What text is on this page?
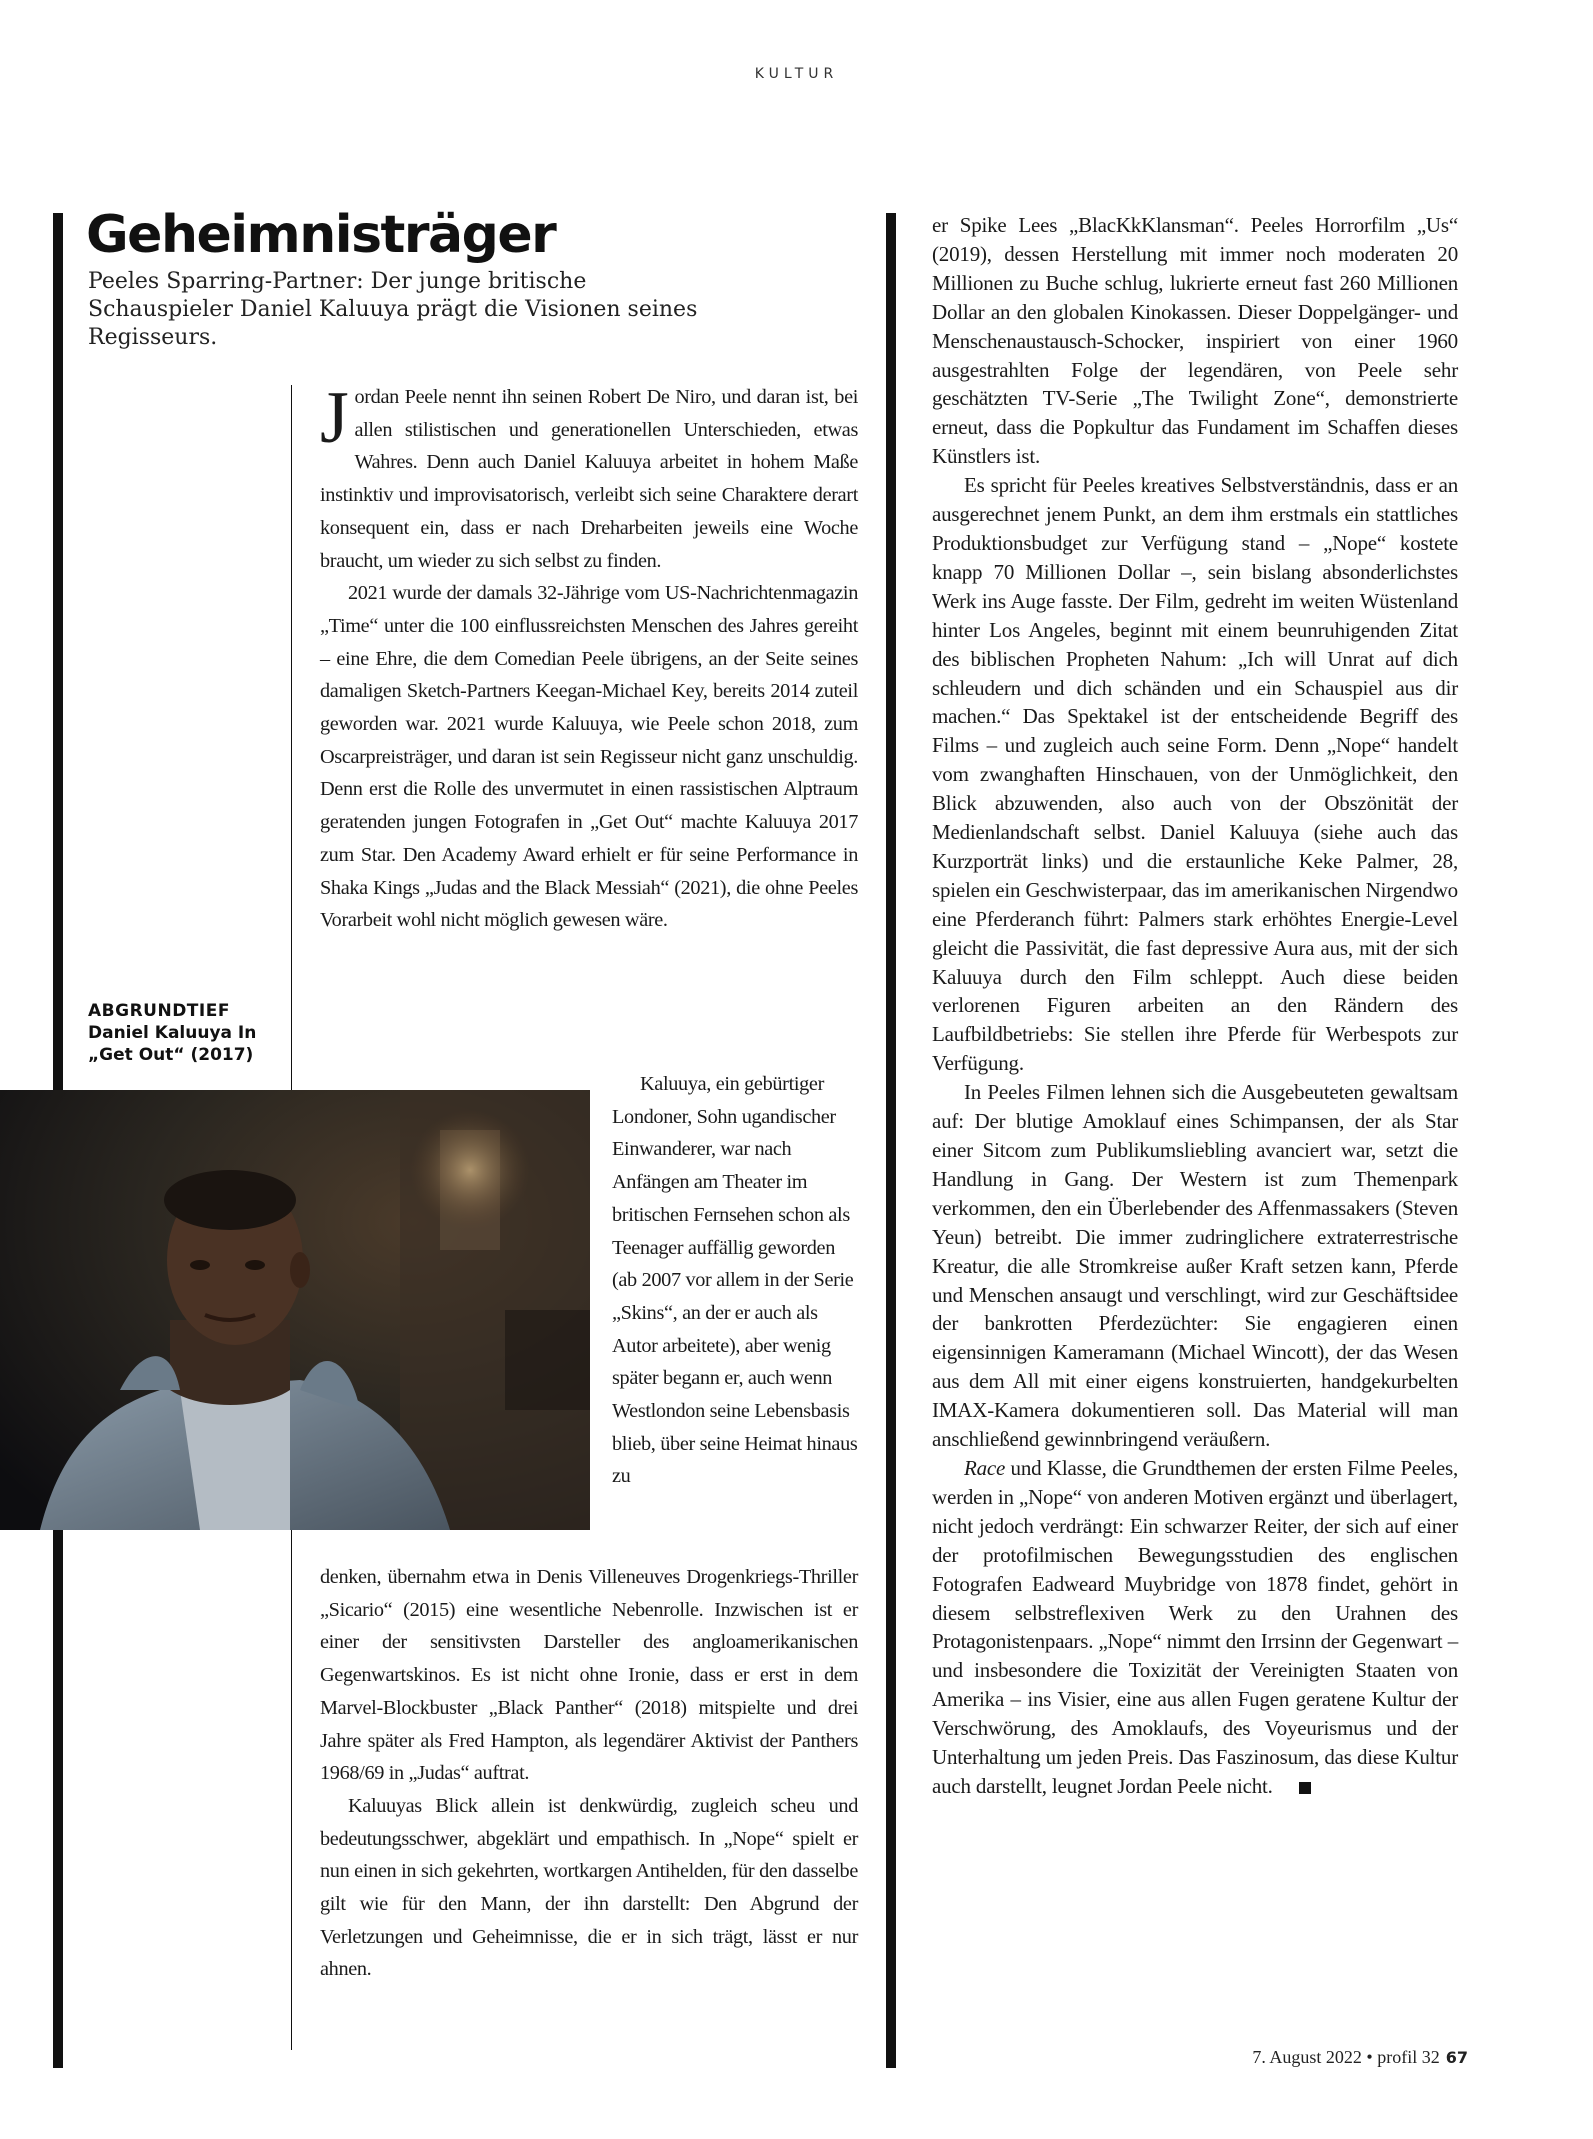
KULTUR
Geheimnisträger
Peeles Sparring-Partner: Der junge britische Schauspieler Daniel Kaluuya prägt die Visionen seines Regisseurs.

Jordan Peele nennt ihn seinen Robert De Niro, und daran ist, bei allen stilistischen und generationellen Unterschieden, etwas Wahres. Denn auch Daniel Kaluuya arbeitet in hohem Maße instinktiv und improvisatorisch, verleibt sich seine Charaktere derart konsequent ein, dass er nach Dreharbeiten jeweils eine Woche braucht, um wieder zu sich selbst zu finden.

2021 wurde der damals 32-Jährige vom US-Nachrichtenmagazin „Time“ unter die 100 einflussreichsten Menschen des Jahres gereiht – eine Ehre, die dem Comedian Peele übrigens, an der Seite seines damaligen Sketch-Partners Keegan-Michael Key, bereits 2014 zuteil geworden war. 2021 wurde Kaluuya, wie Peele schon 2018, zum Oscarpreisträger, und daran ist sein Regisseur nicht ganz unschuldig. Denn erst die Rolle des unvermutet in einen rassistischen Alptraum geratenden jungen Fotografen in „Get Out“ machte Kaluuya 2017 zum Star. Den Academy Award erhielt er für seine Performance in Shaka Kings „Judas and the Black Messiah“ (2021), die ohne Peeles Vorarbeit wohl nicht möglich gewesen wäre.

ABGRUNDTIEF
Daniel Kaluuya In „Get Out“ (2017)

Kaluuya, ein gebürtiger Londoner, Sohn ugandischer Einwanderer, war nach Anfängen am Theater im britischen Fernsehen schon als Teenager auffällig geworden (ab 2007 vor allem in der Serie „Skins“, an der er auch als Autor arbeitete), aber wenig später begann er, auch wenn Westlondon seine Lebensbasis blieb, über seine Heimat hinaus zu

denken, übernahm etwa in Denis Villeneuves Drogenkriegs-Thriller „Sicario“ (2015) eine wesentliche Nebenrolle. Inzwischen ist er einer der sensitivsten Darsteller des angloamerikanischen Gegenwartskinos. Es ist nicht ohne Ironie, dass er erst in dem Marvel-Blockbuster „Black Panther“ (2018) mitspielte und drei Jahre später als Fred Hampton, als legendärer Aktivist der Panthers 1968/69 in „Judas“ auftrat.

Kaluuyas Blick allein ist denkwürdig, zugleich scheu und bedeutungsschwer, abgeklärt und empathisch. In „Nope“ spielt er nun einen in sich gekehrten, wortkargen Antihelden, für den dasselbe gilt wie für den Mann, der ihn darstellt: Den Abgrund der Verletzungen und Geheimnisse, die er in sich trägt, lässt er nur ahnen.

er Spike Lees „BlacKkKlansman“. Peeles Horrorfilm „Us“ (2019), dessen Herstellung mit immer noch moderaten 20 Millionen zu Buche schlug, lukrierte erneut fast 260 Millionen Dollar an den globalen Kinokassen. Dieser Doppelgänger- und Menschenaustausch-Schocker, inspiriert von einer 1960 ausgestrahlten Folge der legendären, von Peele sehr geschätzten TV-Serie „The Twilight Zone“, demonstrierte erneut, dass die Popkultur das Fundament im Schaffen dieses Künstlers ist.

Es spricht für Peeles kreatives Selbstverständnis, dass er an ausgerechnet jenem Punkt, an dem ihm erstmals ein stattliches Produktionsbudget zur Verfügung stand – „Nope“ kostete knapp 70 Millionen Dollar –, sein bislang absonderlichstes Werk ins Auge fasste. Der Film, gedreht im weiten Wüstenland hinter Los Angeles, beginnt mit einem beunruhigenden Zitat des biblischen Propheten Nahum: „Ich will Unrat auf dich schleudern und dich schänden und ein Schauspiel aus dir machen.“ Das Spektakel ist der entscheidende Begriff des Films – und zugleich auch seine Form. Denn „Nope“ handelt vom zwanghaften Hinschauen, von der Unmöglichkeit, den Blick abzuwenden, also auch von der Obszönität der Medienlandschaft selbst. Daniel Kaluuya (siehe auch das Kurzporträt links) und die erstaunliche Keke Palmer, 28, spielen ein Geschwisterpaar, das im amerikanischen Nirgendwo eine Pferderanch führt: Palmers stark erhöhtes Energie-Level gleicht die Passivität, die fast depressive Aura aus, mit der sich Kaluuya durch den Film schleppt. Auch diese beiden verlorenen Figuren arbeiten an den Rändern des Laufbildbetriebs: Sie stellen ihre Pferde für Werbespots zur Verfügung.

In Peeles Filmen lehnen sich die Ausgebeuteten gewaltsam auf: Der blutige Amoklauf eines Schimpansen, der als Star einer Sitcom zum Publikumsliebling avanciert war, setzt die Handlung in Gang. Der Western ist zum Themenpark verkommen, den ein Überlebender des Affenmassakers (Steven Yeun) betreibt. Die immer zudringlichere extraterrestrische Kreatur, die alle Stromkreise außer Kraft setzen kann, Pferde und Menschen ansaugt und verschlingt, wird zur Geschäftsidee der bankrotten Pferdezüchter: Sie engagieren einen eigensinnigen Kameramann (Michael Wincott), der das Wesen aus dem All mit einer eigens konstruierten, handgekurbelten IMAX-Kamera dokumentieren soll. Das Material will man anschließend gewinnbringend veräußern.

Race und Klasse, die Grundthemen der ersten Filme Peeles, werden in „Nope“ von anderen Motiven ergänzt und überlagert, nicht jedoch verdrängt: Ein schwarzer Reiter, der sich auf einer der protofilmischen Bewegungsstudien des englischen Fotografen Eadweard Muybridge von 1878 findet, gehört in diesem selbstreflexiven Werk zu den Urahnen des Protagonistenpaars. „Nope“ nimmt den Irrsinn der Gegenwart – und insbesondere die Toxizität der Vereinigten Staaten von Amerika – ins Visier, eine aus allen Fugen geratene Kultur der Verschwörung, des Amoklaufs, des Voyeurismus und der Unterhaltung um jeden Preis. Das Faszinosum, das diese Kultur auch darstellt, leugnet Jordan Peele nicht.

7. August 2022 • profil 32 67
